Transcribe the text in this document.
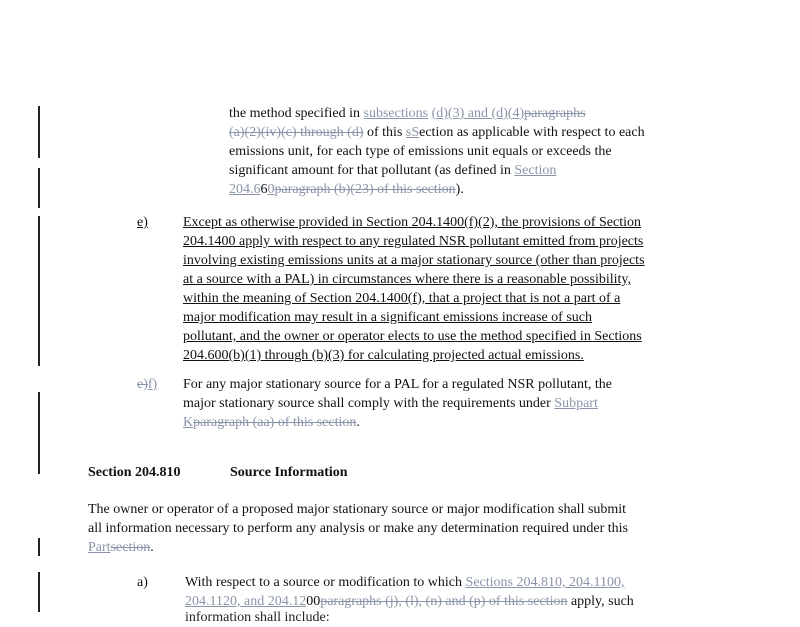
the method specified in subsections (d)(3) and (d)(4)paragraphs
(a)(2)(iv)(c) through (d) of this sSection as applicable with respect to each
emissions unit, for each type of emissions unit equals or exceeds the
significant amount for that pollutant (as defined in Section
204.660paragraph (b)(23) of this section).
e)	Except as otherwise provided in Section 204.1400(f)(2), the provisions of Section
204.1400 apply with respect to any regulated NSR pollutant emitted from projects
involving existing emissions units at a major stationary source (other than projects
at a source with a PAL) in circumstances where there is a reasonable possibility,
within the meaning of Section 204.1400(f), that a project that is not a part of a
major modification may result in a significant emissions increase of such
pollutant, and the owner or operator elects to use the method specified in Sections
204.600(b)(1) through (b)(3) for calculating projected actual emissions.
e)f) For any major stationary source for a PAL for a regulated NSR pollutant, the
major stationary source shall comply with the requirements under Subpart
Kparagraph (aa) of this section.
Section 204.810	Source Information
The owner or operator of a proposed major stationary source or major modification shall submit
all information necessary to perform any analysis or make any determination required under this
Partsection.
a)	With respect to a source or modification to which Sections 204.810, 204.1100,
204.1120, and 204.1200paragraphs (j), (l), (n) and (p) of this section apply, such
information shall include:
